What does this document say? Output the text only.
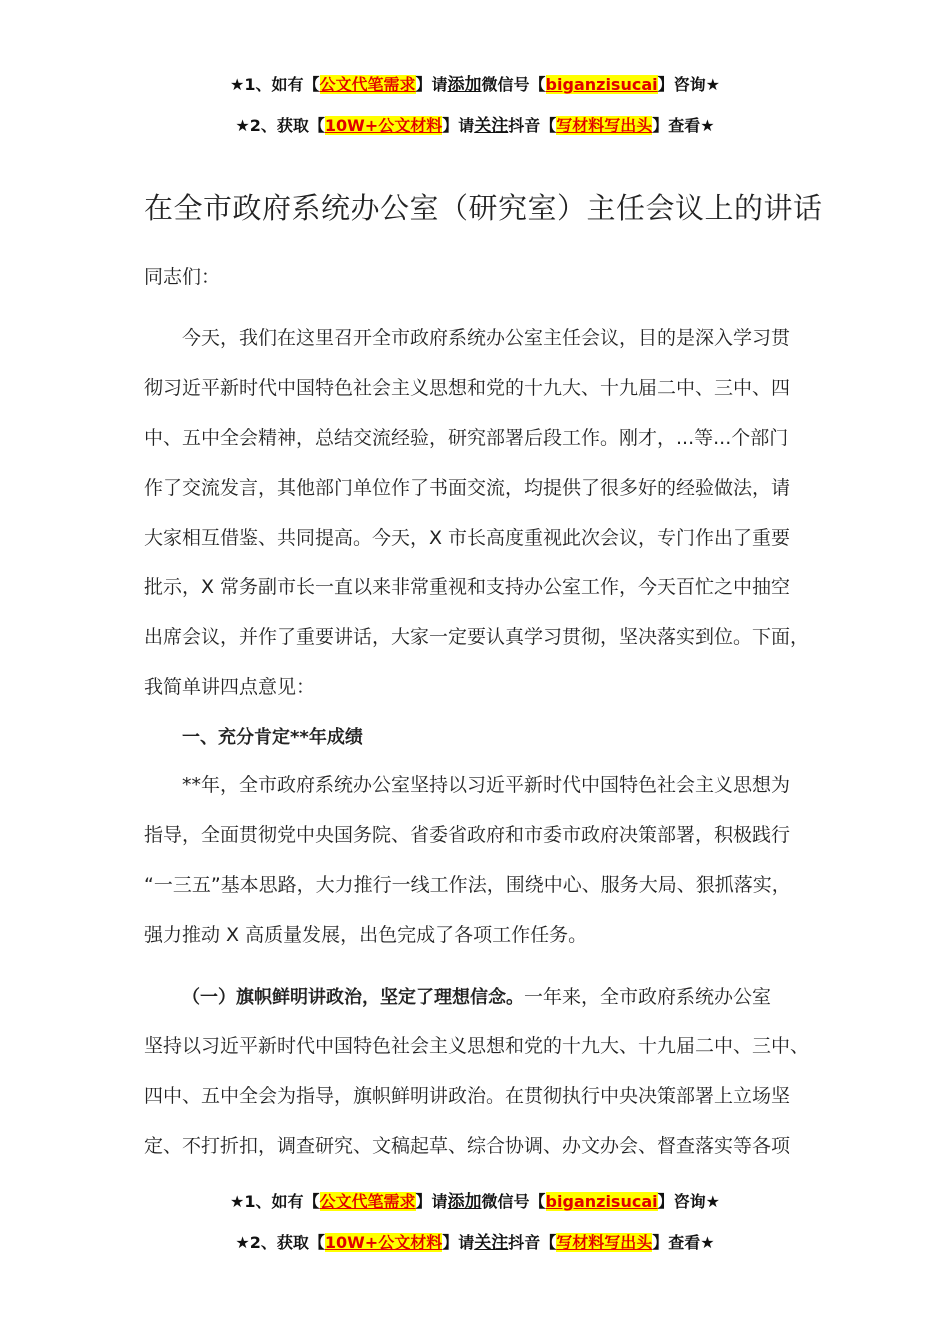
★1、如有【公文代笔需求】请添加微信号【biganzisucai】咨询★
★2、获取【10W+公文材料】请关注抖音【写材料写出头】查看★
在全市政府系统办公室（研究室）主任会议上的讲话
同志们：
今天，我们在这里召开全市政府系统办公室主任会议，目的是深入学习贯
彻习近平新时代中国特色社会主义思想和党的十九大、十九届二中、三中、四
中、五中全会精神，总结交流经验，研究部署后段工作。刚才，...等...个部门
作了交流发言，其他部门单位作了书面交流，均提供了很多好的经验做法，请
大家相互借鉴、共同提高。今天，X 市长高度重视此次会议，专门作出了重要
批示，X 常务副市长一直以来非常重视和支持办公室工作，今天百忙之中抽空
出席会议，并作了重要讲话，大家一定要认真学习贯彻，坚决落实到位。下面，
我简单讲四点意见：
一、充分肯定**年成绩
**年，全市政府系统办公室坚持以习近平新时代中国特色社会主义思想为
指导，全面贯彻党中央国务院、省委省政府和市委市政府决策部署，积极践行
“一三五”基本思路，大力推行一线工作法，围绕中心、服务大局、狠抓落实，
强力推动 X 高质量发展，出色完成了各项工作任务。
（一）旗帜鲜明讲政治，坚定了理想信念。一年来，全市政府系统办公室
坚持以习近平新时代中国特色社会主义思想和党的十九大、十九届二中、三中、
四中、五中全会为指导，旗帜鲜明讲政治。在贯彻执行中央决策部署上立场坚
定、不打折扣，调查研究、文稿起草、综合协调、办文办会、督查落实等各项
★1、如有【公文代笔需求】请添加微信号【biganzisucai】咨询★
★2、获取【10W+公文材料】请关注抖音【写材料写出头】查看★
